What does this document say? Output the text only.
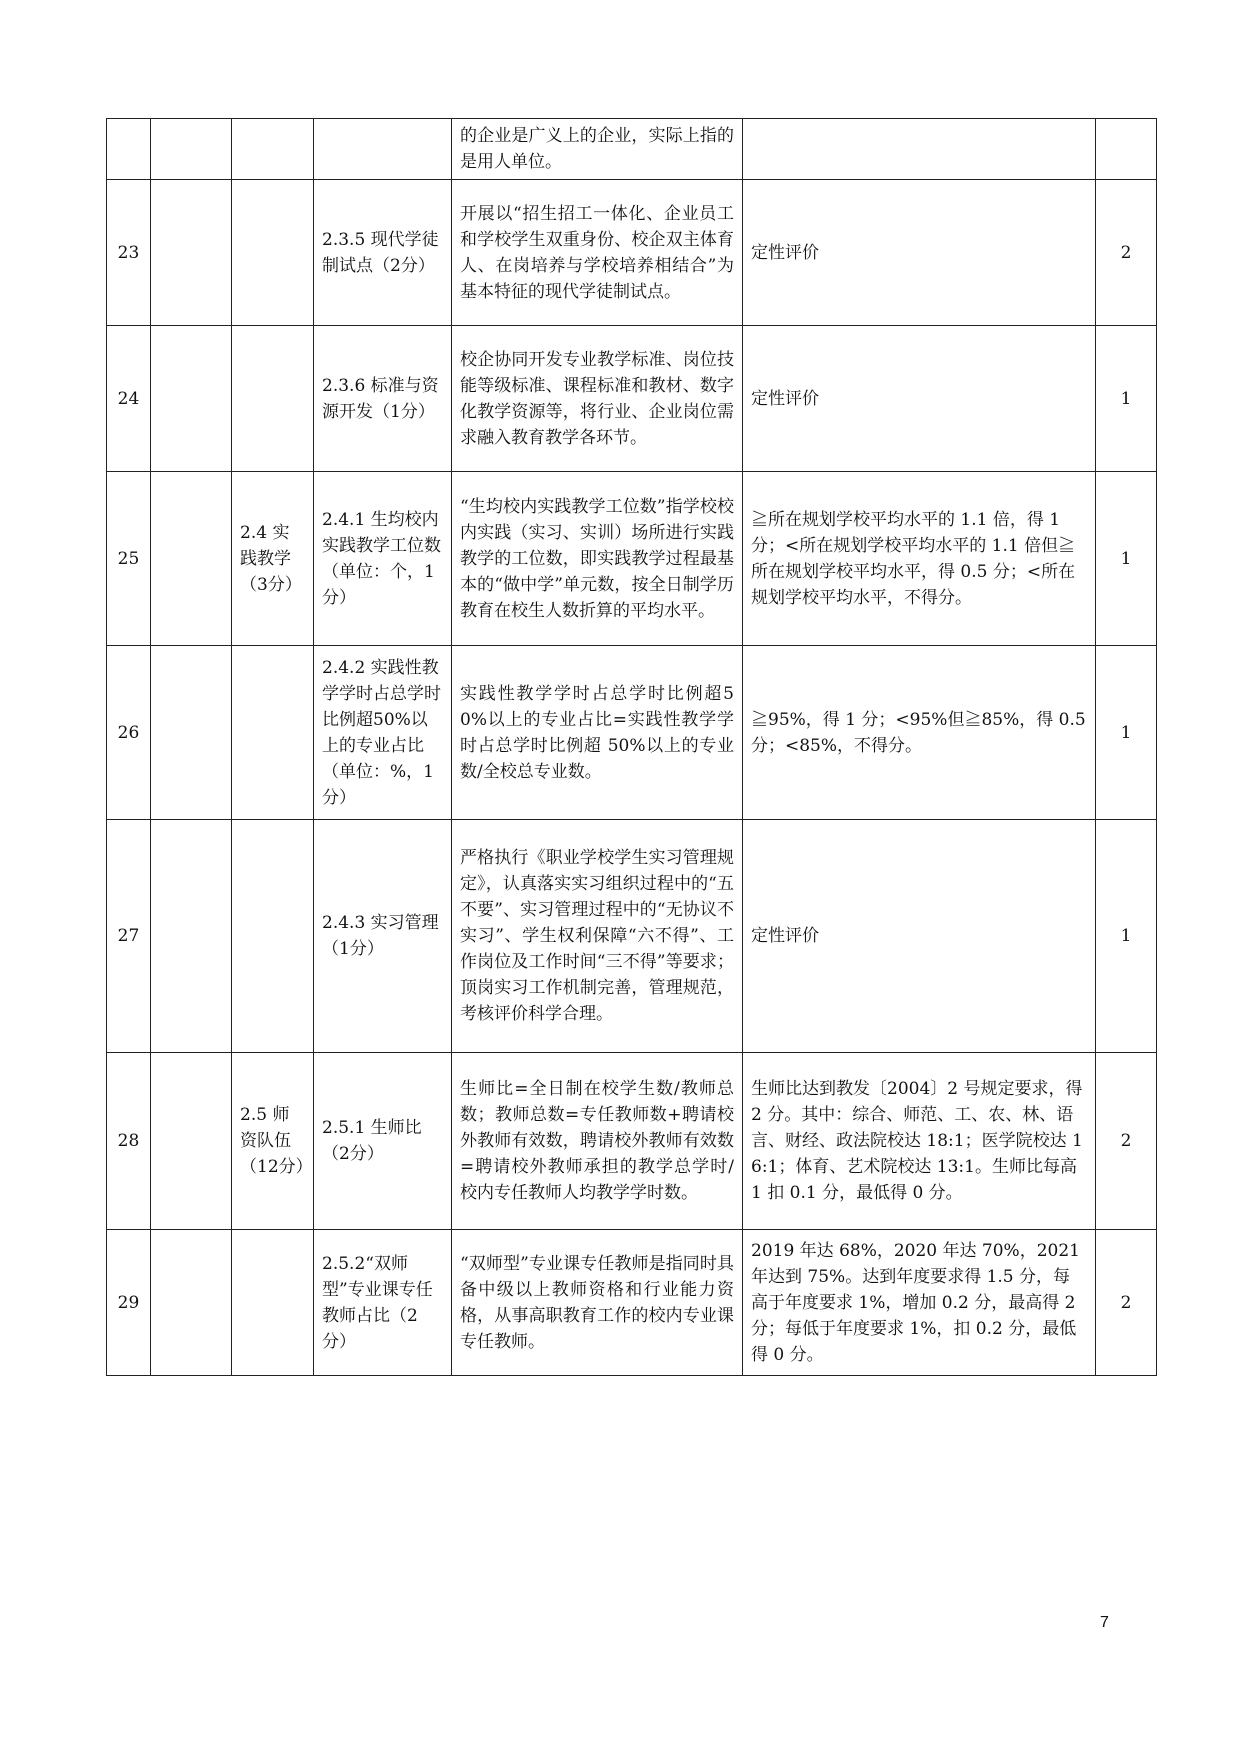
				的企业是广义上的企业，实际上指的是用人单位。		
23			2.3.5 现代学徒制试点（2分）	开展以“招生招工一体化、企业员工和学校学生双重身份、校企双主体育人、在岗培养与学校培养相结合”为基本特征的现代学徒制试点。	定性评价	2
24			2.3.6 标准与资源开发（1分）	校企协同开发专业教学标准、岗位技能等级标准、课程标准和教材、数字化教学资源等，将行业、企业岗位需求融入教育教学各环节。	定性评价	1
25		2.4 实践教学（3分）	2.4.1 生均校内实践教学工位数（单位：个，1分）	“生均校内实践教学工位数”指学校校内实践（实习、实训）场所进行实践教学的工位数，即实践教学过程最基本的“做中学”单元数，按全日制学历教育在校生人数折算的平均水平。	≧所在规划学校平均水平的 1.1 倍，得 1 分；<所在规划学校平均水平的 1.1 倍但≧所在规划学校平均水平，得 0.5 分；<所在规划学校平均水平，不得分。	1
26			2.4.2 实践性教学学时占总学时比例超50%以上的专业占比（单位：%，1分）	实践性教学学时占总学时比例超50%以上的专业占比=实践性教学学时占总学时比例超 50%以上的专业数/全校总专业数。	≧95%，得 1 分；<95%但≧85%，得 0.5 分；<85%，不得分。	1
27			2.4.3 实习管理（1分）	严格执行《职业学校学生实习管理规定》，认真落实实习组织过程中的“五不要”、实习管理过程中的“无协议不实习”、学生权利保障“六不得”、工作岗位及工作时间“三不得”等要求；顶岗实习工作机制完善，管理规范，考核评价科学合理。	定性评价	1
28		2.5 师资队伍（12分）	2.5.1 生师比（2分）	生师比=全日制在校学生数/教师总数；教师总数=专任教师数+聘请校外教师有效数，聘请校外教师有效数=聘请校外教师承担的教学总学时/校内专任教师人均教学学时数。	生师比达到教发〔2004〕2 号规定要求，得 2 分。其中：综合、师范、工、农、林、语言、财经、政法院校达 18:1；医学院校达 16:1；体育、艺术院校达 13:1。生师比每高 1 扣 0.1 分，最低得 0 分。	2
29			2.5.2“双师型”专业课专任教师占比（2分）	“双师型”专业课专任教师是指同时具备中级以上教师资格和行业能力资格，从事高职教育工作的校内专业课专任教师。	2019 年达 68%，2020 年达 70%，2021 年达到 75%。达到年度要求得 1.5 分，每高于年度要求 1%，增加 0.2 分，最高得 2 分；每低于年度要求 1%，扣 0.2 分，最低得 0 分。	2
7
